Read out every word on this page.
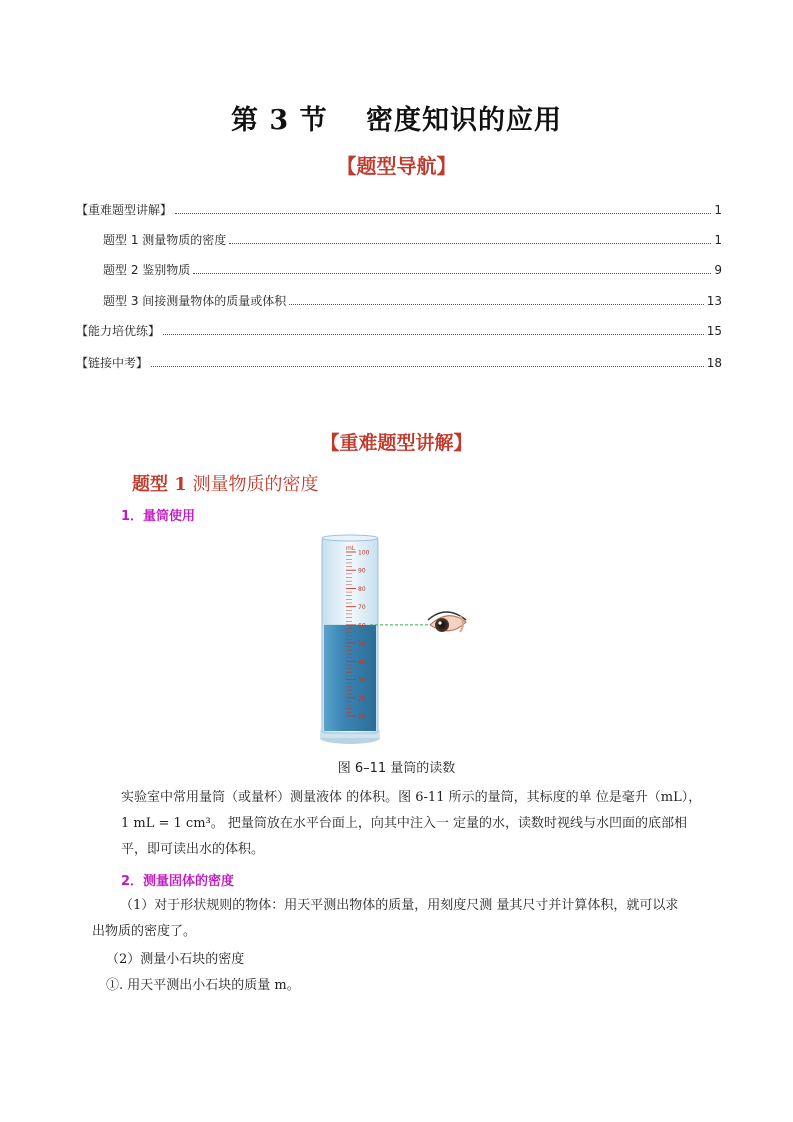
第 3 节　 密度知识的应用
【题型导航】
【重难题型讲解】	1
题型 1 测量物质的密度	1
题型 2 鉴别物质	9
题型 3 间接测量物体的质量或体积	13
【能力培优练】	15
【链接中考】	18
【重难题型讲解】
题型 1 测量物质的密度
1．量筒使用
mL
100
90
80
70
60
50
40
30
20
10
图 6–11 量筒的读数
实验室中常用量筒（或量杯）测量液体 的体积。图 6-11 所示的量筒，其标度的单 位是毫升（mL），
1 mL = 1 cm³。 把量筒放在水平台面上，向其中注入一 定量的水，读数时视线与水凹面的底部相
平，即可读出水的体积。
2．测量固体的密度
（1）对于形状规则的物体：用天平测出物体的质量，用刻度尺测 量其尺寸并计算体积，就可以求
出物质的密度了。
（2）测量小石块的密度
①. 用天平测出小石块的质量 m。
